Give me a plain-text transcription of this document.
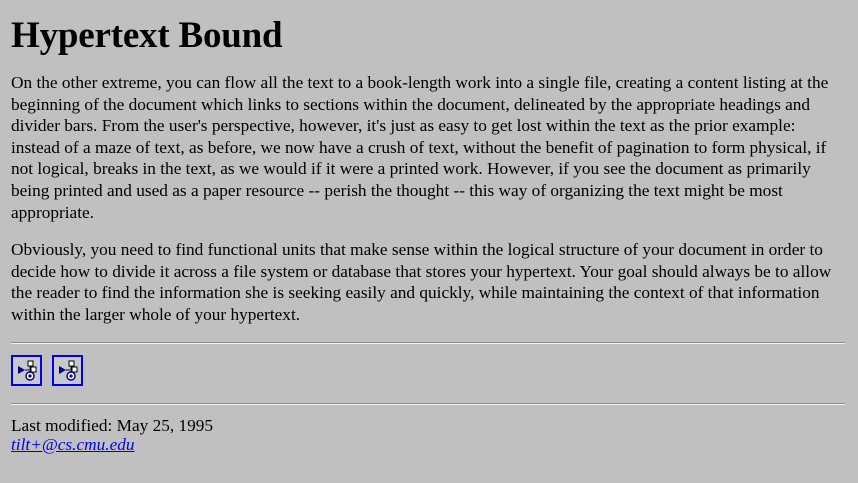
Hypertext Bound

On the other extreme, you can flow all the text to a book-length work into a single file, creating a content listing at the beginning of the document which links to sections within the document, delineated by the appropriate headings and divider bars. From the user's perspective, however, it's just as easy to get lost within the text as the prior example: instead of a maze of text, as before, we now have a crush of text, without the benefit of pagination to form physical, if not logical, breaks in the text, as we would if it were a printed work. However, if you see the document as primarily being printed and used as a paper resource -- perish the thought -- this way of organizing the text might be most appropriate.

Obviously, you need to find functional units that make sense within the logical structure of your document in order to decide how to divide it across a file system or database that stores your hypertext. Your goal should always be to allow the reader to find the information she is seeking easily and quickly, while maintaining the context of that information within the larger whole of your hypertext.

Last modified: May 25, 1995
tilt+@cs.cmu.edu
